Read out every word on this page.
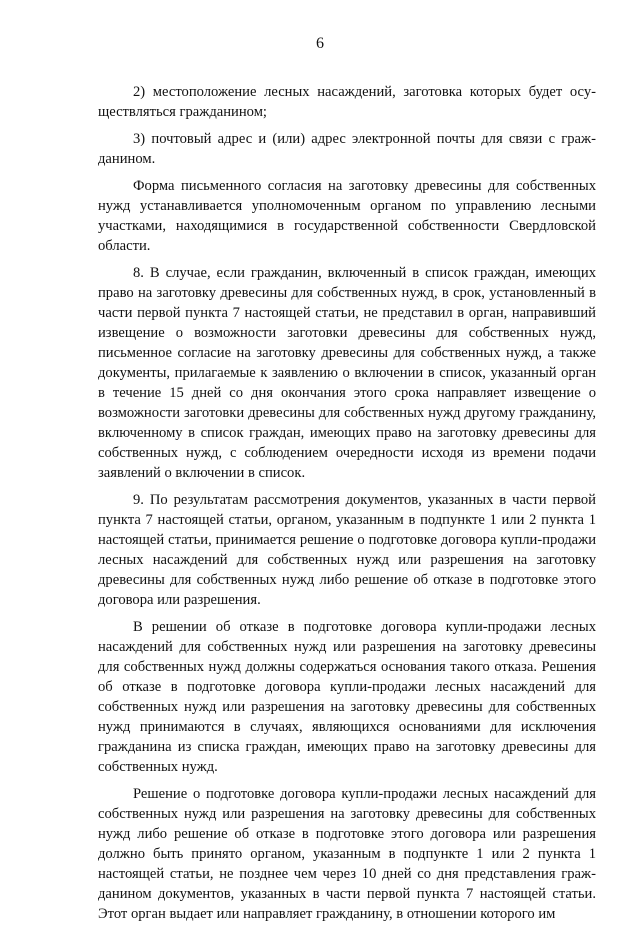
6

2) местоположение лесных насаждений, заготовка которых будет осуществляться гражданином;

3) почтовый адрес и (или) адрес электронной почты для связи с гражданином.

Форма письменного согласия на заготовку древесины для собственных нужд устанавливается уполномоченным органом по управлению лесными участками, находящимися в государственной собственности Свердловской области.

8. В случае, если гражданин, включенный в список граждан, имеющих право на заготовку древесины для собственных нужд, в срок, установленный в части первой пункта 7 настоящей статьи, не представил в орган, направивший извещение о возможности заготовки древесины для собственных нужд, письменное согласие на заготовку древесины для собственных нужд, а также документы, прилагаемые к заявлению о включении в список, указанный орган в течение 15 дней со дня окончания этого срока направляет извещение о возможности заготовки древесины для собственных нужд другому гражданину, включенному в список граждан, имеющих право на заготовку древесины для собственных нужд, с соблюдением очередности исходя из времени подачи заявлений о включении в список.

9. По результатам рассмотрения документов, указанных в части первой пункта 7 настоящей статьи, органом, указанным в подпункте 1 или 2 пункта 1 настоящей статьи, принимается решение о подготовке договора купли-продажи лесных насаждений для собственных нужд или разрешения на заготовку древесины для собственных нужд либо решение об отказе в подготовке этого договора или разрешения.

В решении об отказе в подготовке договора купли-продажи лесных насаждений для собственных нужд или разрешения на заготовку древесины для собственных нужд должны содержаться основания такого отказа. Решения об отказе в подготовке договора купли-продажи лесных насаждений для собственных нужд или разрешения на заготовку древесины для собственных нужд принимаются в случаях, являющихся основаниями для исключения гражданина из списка граждан, имеющих право на заготовку древесины для собственных нужд.

Решение о подготовке договора купли-продажи лесных насаждений для собственных нужд или разрешения на заготовку древесины для собственных нужд либо решение об отказе в подготовке этого договора или разрешения должно быть принято органом, указанным в подпункте 1 или 2 пункта 1 настоящей статьи, не позднее чем через 10 дней со дня представления гражданином документов, указанных в части первой пункта 7 настоящей статьи. Этот орган выдает или направляет гражданину, в отношении которого им
